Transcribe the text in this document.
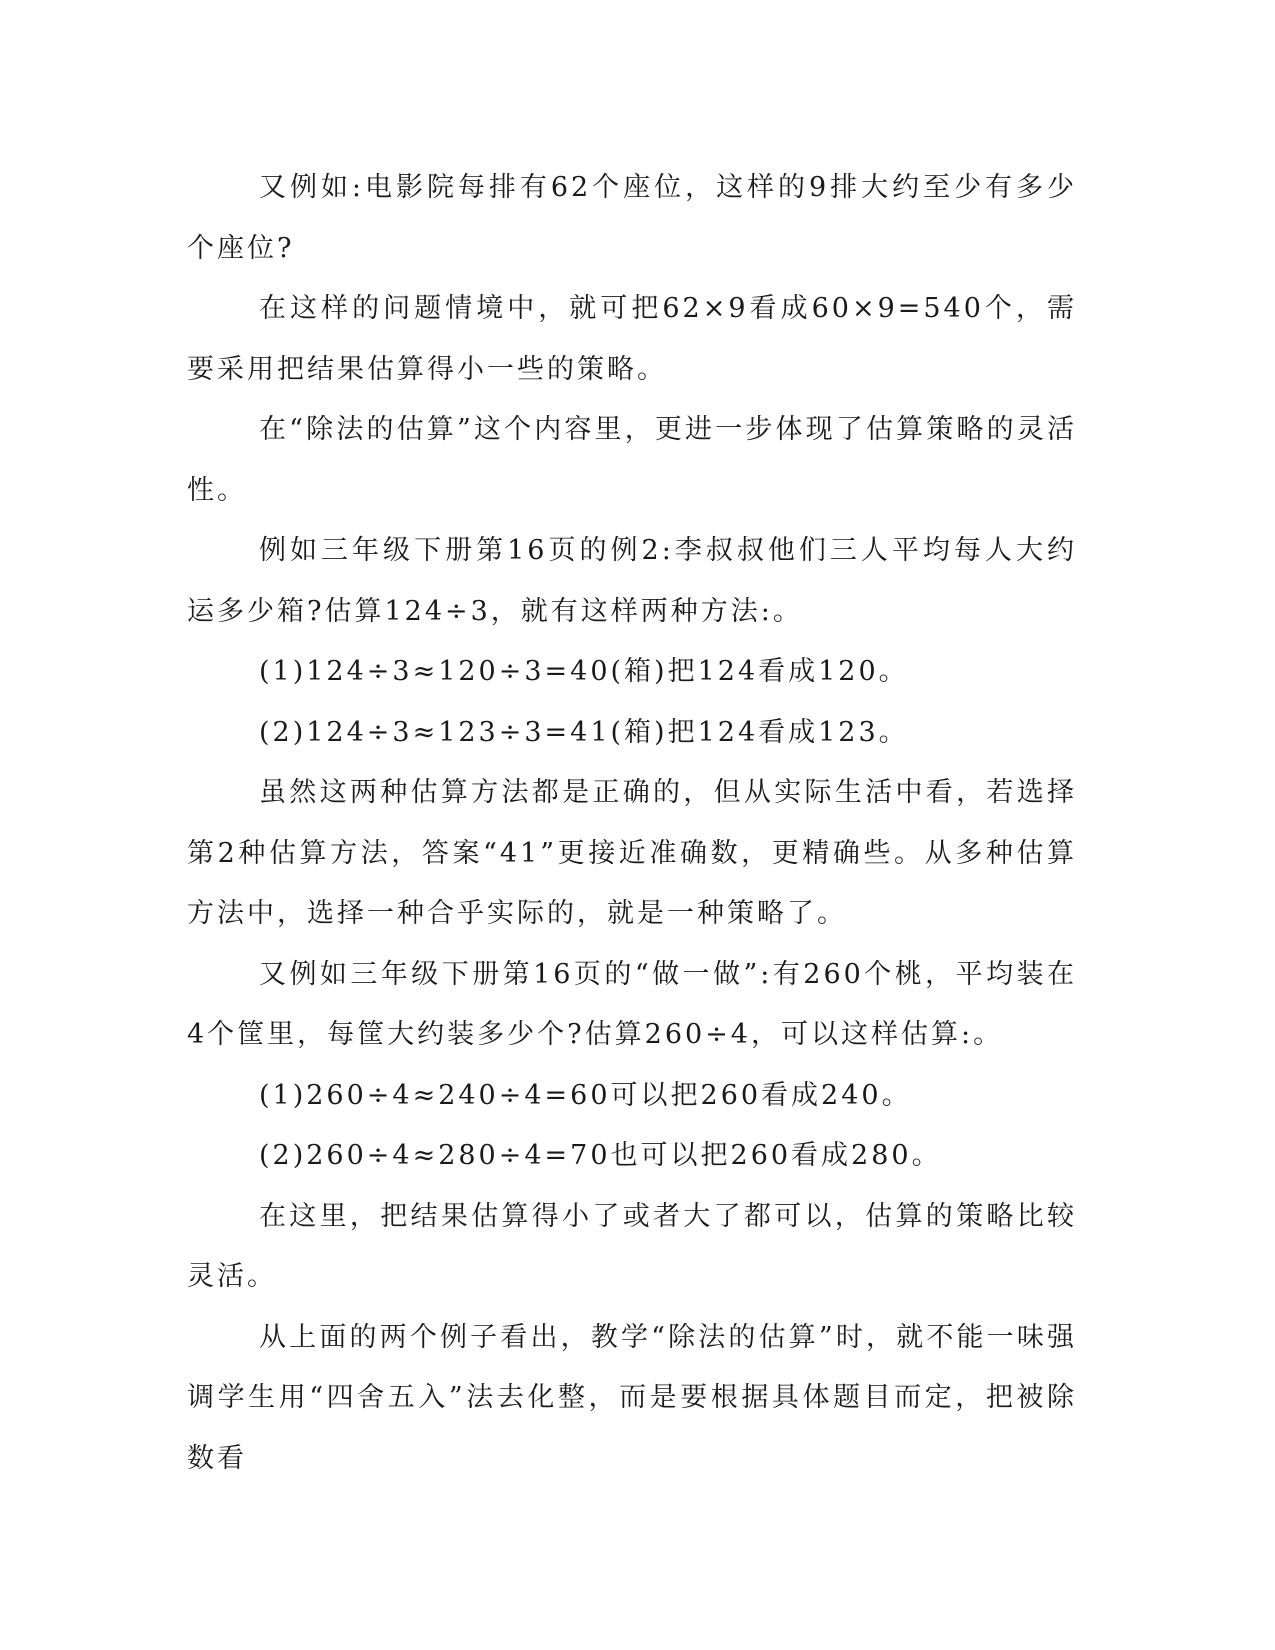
又例如:电影院每排有62个座位，这样的9排大约至少有多少个座位?

在这样的问题情境中，就可把62×9看成60×9=540个，需要采用把结果估算得小一些的策略。

在“除法的估算”这个内容里，更进一步体现了估算策略的灵活性。

例如三年级下册第16页的例2:李叔叔他们三人平均每人大约运多少箱?估算124÷3，就有这样两种方法:。

(1)124÷3≈120÷3=40(箱)把124看成120。

(2)124÷3≈123÷3=41(箱)把124看成123。

虽然这两种估算方法都是正确的，但从实际生活中看，若选择第2种估算方法，答案“41”更接近准确数，更精确些。从多种估算方法中，选择一种合乎实际的，就是一种策略了。

又例如三年级下册第16页的“做一做”:有260个桃，平均装在4个筐里，每筐大约装多少个?估算260÷4，可以这样估算:。

(1)260÷4≈240÷4=60可以把260看成240。

(2)260÷4≈280÷4=70也可以把260看成280。

在这里，把结果估算得小了或者大了都可以，估算的策略比较灵活。

从上面的两个例子看出，教学“除法的估算”时，就不能一味强调学生用“四舍五入”法去化整，而是要根据具体题目而定，把被除数看
